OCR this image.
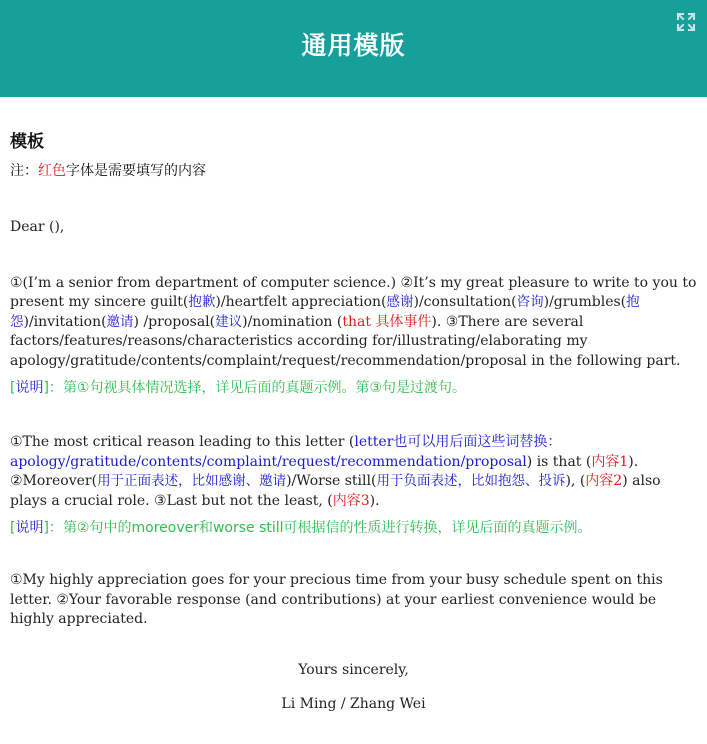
通用模版
模板
注：红色字体是需要填写的内容
Dear (),
①(I’m a senior from department of computer science.) ②It’s my great pleasure to write to you to present my sincere guilt(抱歉)/heartfelt appreciation(感谢)/consultation(咨询)/grumbles(抱怨)/invitation(邀请) /proposal(建议)/nomination (that 具体事件). ③There are several factors/features/reasons/characteristics according for/illustrating/elaborating my apology/gratitude/contents/complaint/request/recommendation/proposal in the following part.
[说明]：第①句视具体情况选择，详见后面的真题示例。第③句是过渡句。
①The most critical reason leading to this letter (letter也可以用后面这些词替换：apology/gratitude/contents/complaint/request/recommendation/proposal) is that (内容1). ②Moreover(用于正面表述，比如感谢、邀请)/Worse still(用于负面表述，比如抱怨、投诉), (内容2) also plays a crucial role. ③Last but not the least, (内容3).
[说明]：第②句中的moreover和worse still可根据信的性质进行转换，详见后面的真题示例。
①My highly appreciation goes for your precious time from your busy schedule spent on this letter. ②Your favorable response (and contributions) at your earliest convenience would be highly appreciated.
Yours sincerely,
Li Ming / Zhang Wei
